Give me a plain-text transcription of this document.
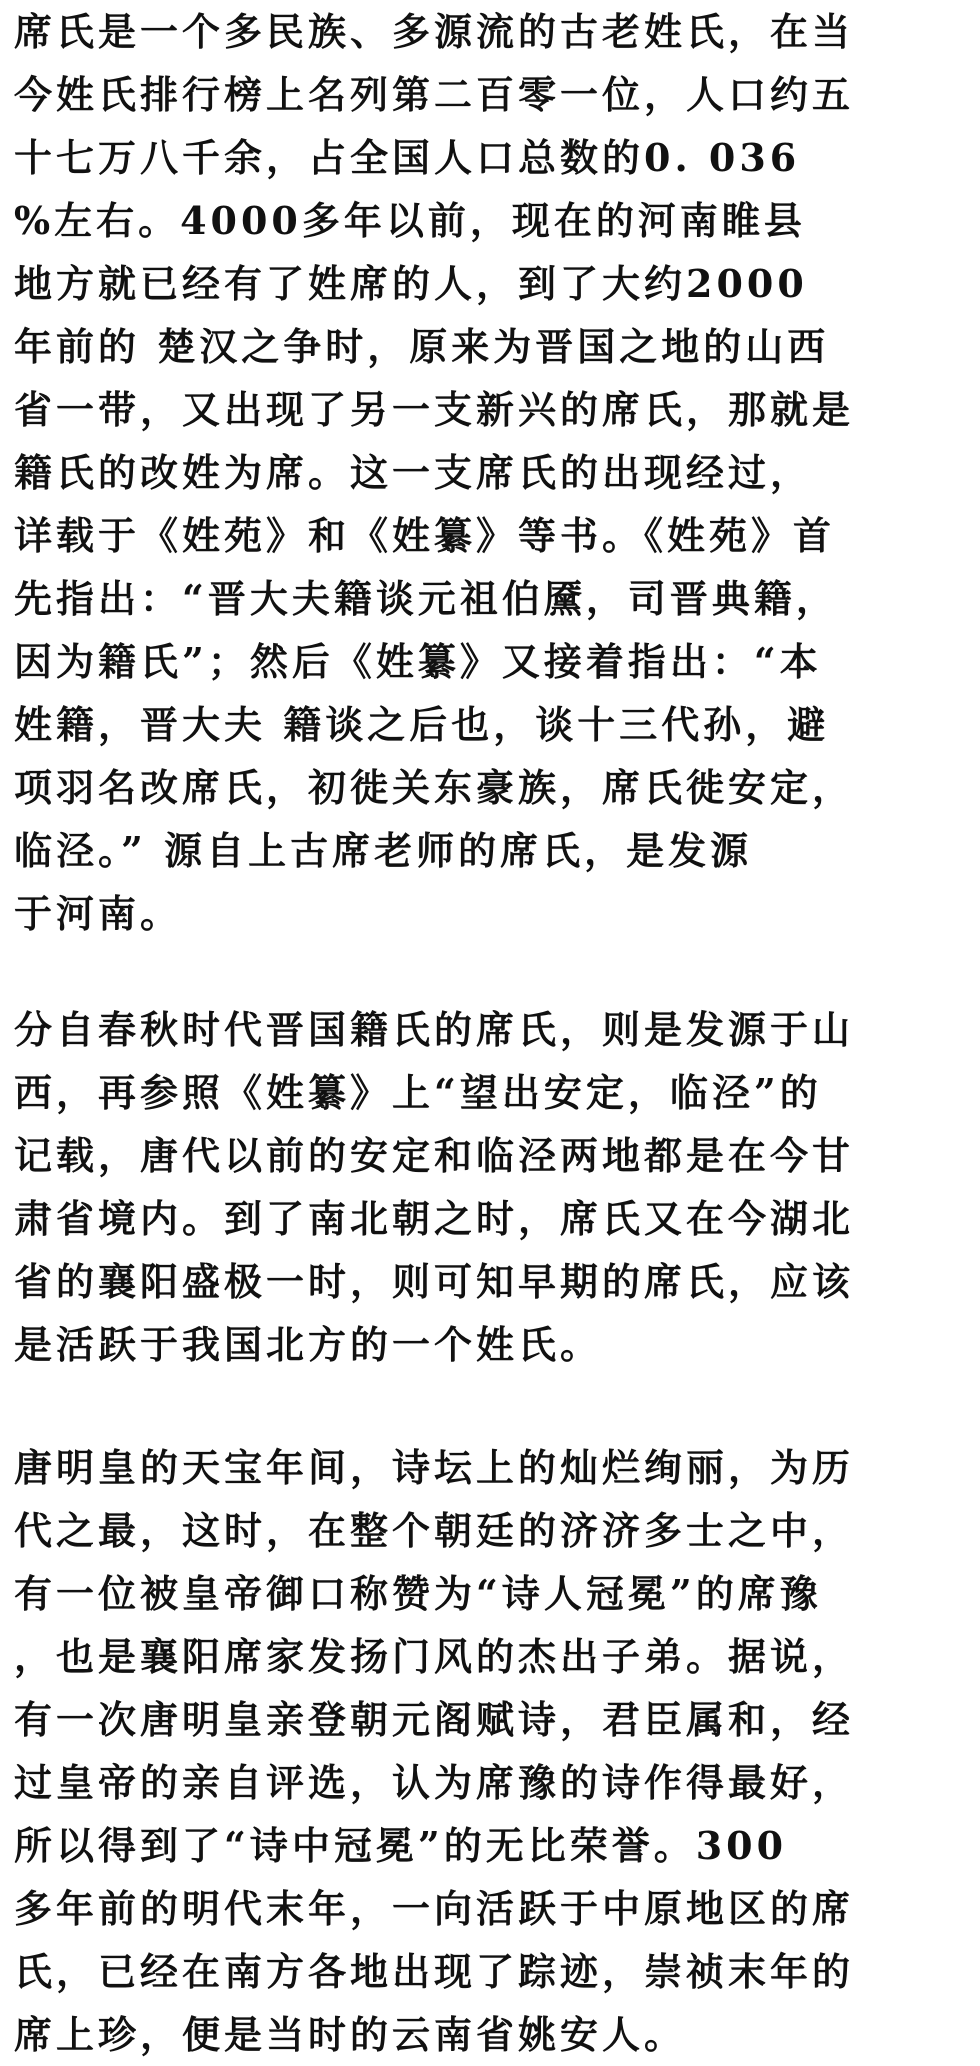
席氏是一个多民族、多源流的古老姓氏，在当
今姓氏排行榜上名列第二百零一位，人口约五
十七万八千余，占全国人口总数的0. 036
%左右。4000多年以前，现在的河南睢县
地方就已经有了姓席的人，到了大约2000
年前的 楚汉之争时，原来为晋国之地的山西
省一带，又出现了另一支新兴的席氏，那就是
籍氏的改姓为席。这一支席氏的出现经过，
详载于《姓苑》和《姓纂》等书。《姓苑》首
先指出：“晋大夫籍谈元祖伯黡，司晋典籍，
因为籍氏”；然后《姓纂》又接着指出：“本
姓籍，晋大夫 籍谈之后也，谈十三代孙，避
项羽名改席氏，初徙关东豪族，席氏徙安定，
临泾。” 源自上古席老师的席氏，是发源
于河南。
分自春秋时代晋国籍氏的席氏，则是发源于山
西，再参照《姓纂》上“望出安定，临泾”的
记载，唐代以前的安定和临泾两地都是在今甘
肃省境内。到了南北朝之时，席氏又在今湖北
省的襄阳盛极一时，则可知早期的席氏，应该
是活跃于我国北方的一个姓氏。
唐明皇的天宝年间，诗坛上的灿烂绚丽，为历
代之最，这时，在整个朝廷的济济多士之中，
有一位被皇帝御口称赞为“诗人冠冕”的席豫
，也是襄阳席家发扬门风的杰出子弟。据说，
有一次唐明皇亲登朝元阁赋诗，君臣属和，经
过皇帝的亲自评选，认为席豫的诗作得最好，
所以得到了“诗中冠冕”的无比荣誉。300
多年前的明代末年，一向活跃于中原地区的席
氏，已经在南方各地出现了踪迹，崇祯末年的
席上珍，便是当时的云南省姚安人。
